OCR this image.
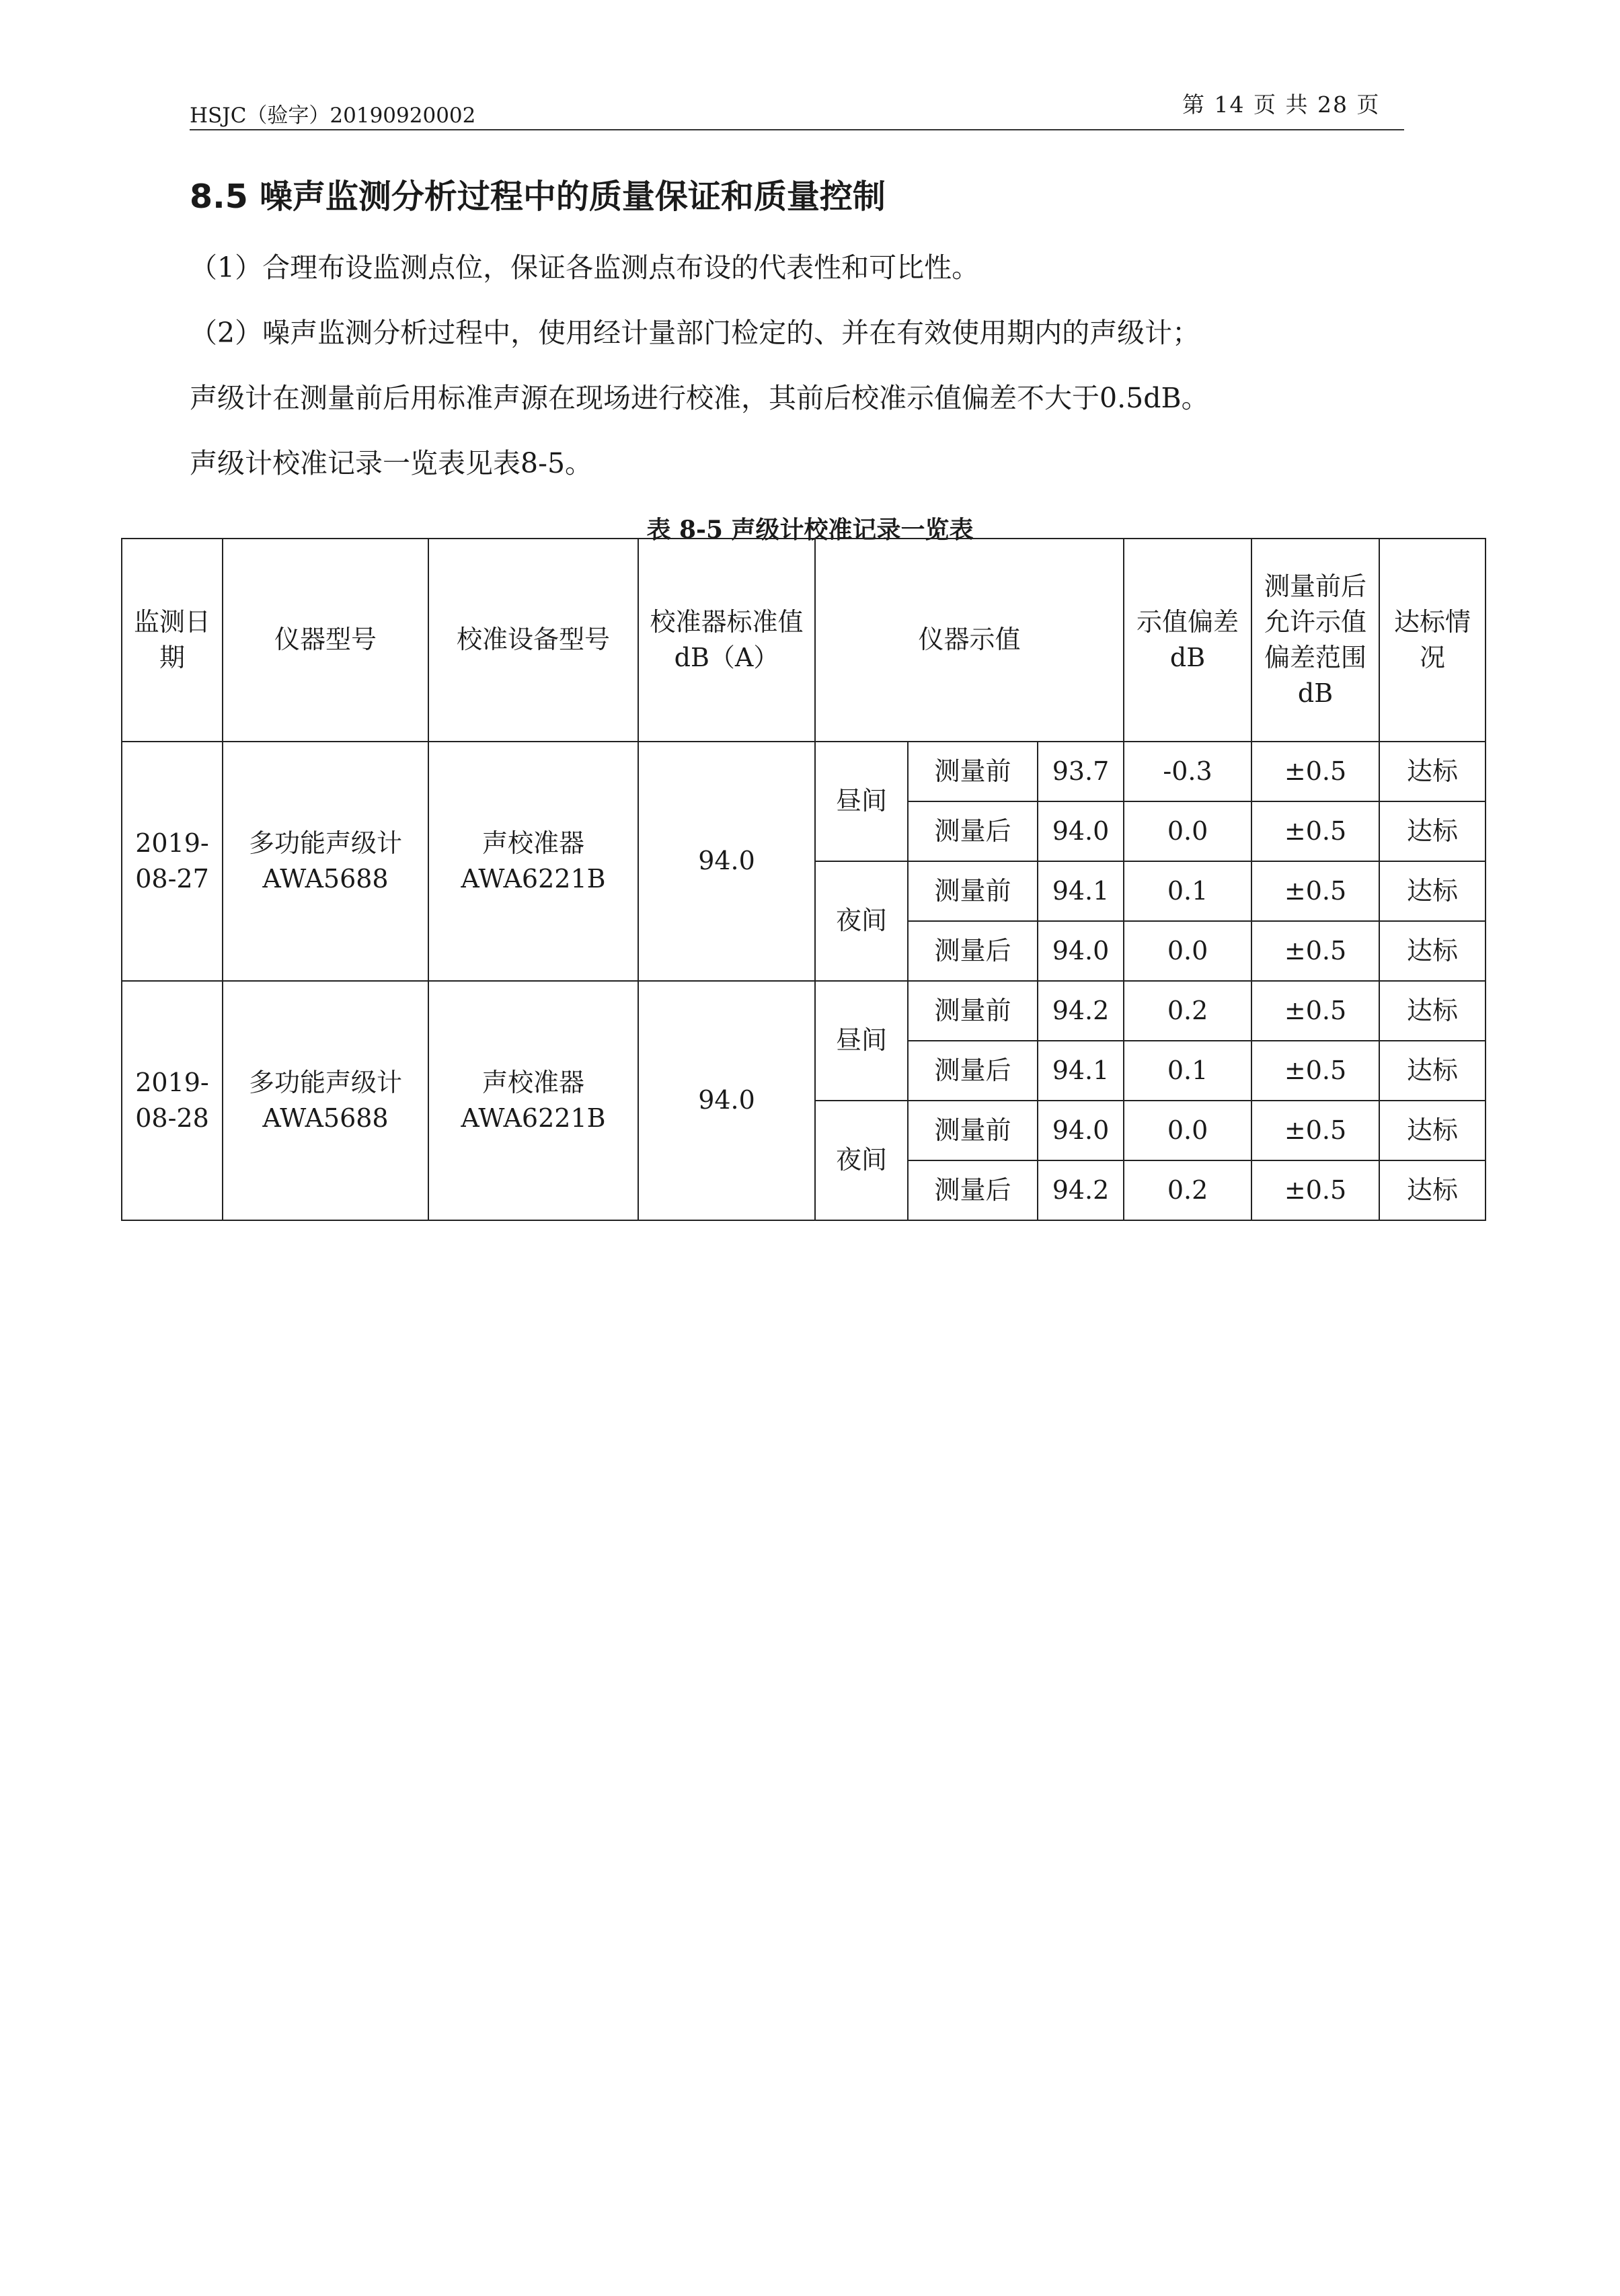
HSJC（验字）20190920002	第 14 页 共 28 页
8.5 噪声监测分析过程中的质量保证和质量控制
（1）合理布设监测点位，保证各监测点布设的代表性和可比性。
（2）噪声监测分析过程中，使用经计量部门检定的、并在有效使用期内的声级计；
声级计在测量前后用标准声源在现场进行校准，其前后校准示值偏差不大于0.5dB。
声级计校准记录一览表见表8-5。
表 8-5 声级计校准记录一览表
监测日期	仪器型号	校准设备型号	校准器标准值 dB（A）	仪器示值			示值偏差 dB	测量前后允许示值偏差范围 dB	达标情况
2019-08-27	多功能声级计 AWA5688	声校准器 AWA6221B	94.0	昼间	测量前	93.7	-0.3	±0.5	达标
					测量后	94.0	0.0	±0.5	达标
				夜间	测量前	94.1	0.1	±0.5	达标
					测量后	94.0	0.0	±0.5	达标
2019-08-28	多功能声级计 AWA5688	声校准器 AWA6221B	94.0	昼间	测量前	94.2	0.2	±0.5	达标
					测量后	94.1	0.1	±0.5	达标
				夜间	测量前	94.0	0.0	±0.5	达标
					测量后	94.2	0.2	±0.5	达标
